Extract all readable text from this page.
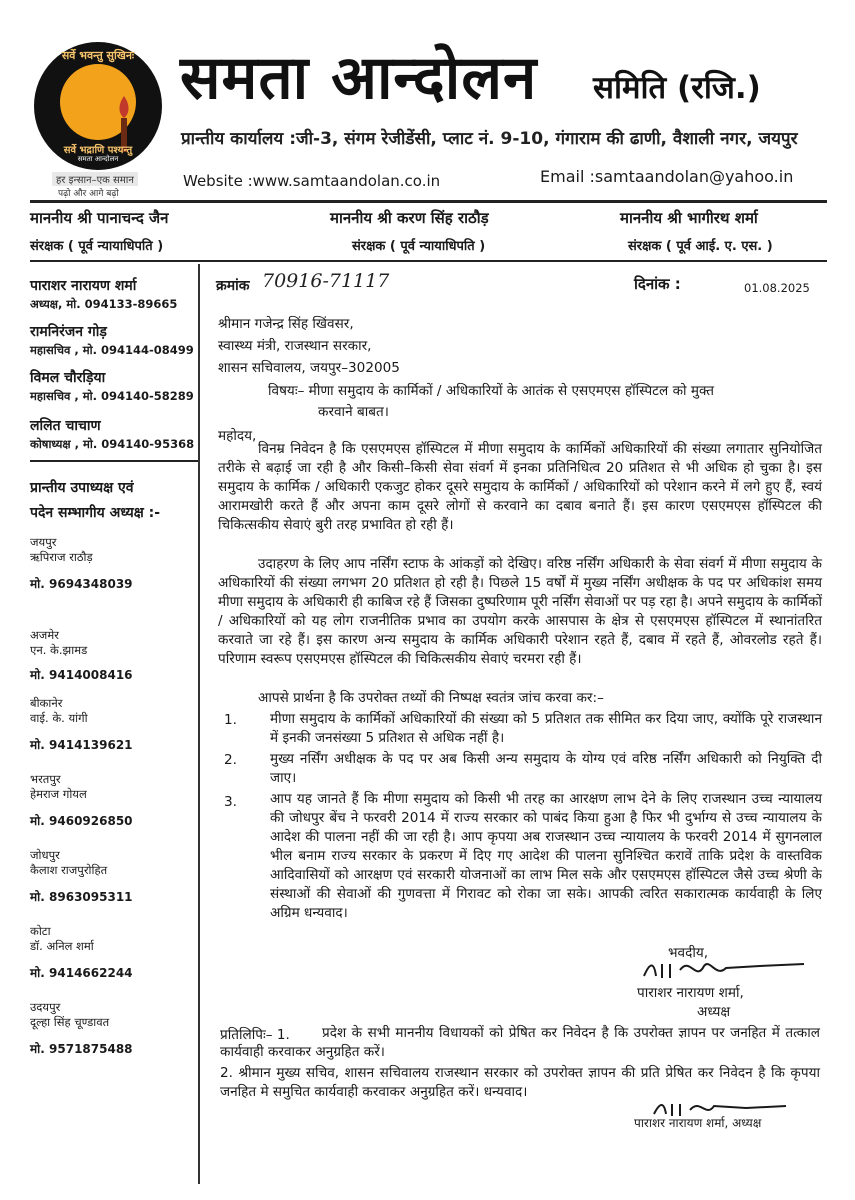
सर्वे भवन्तु सुखिनः
सर्वे भद्राणि पश्यन्तु
समता आन्दोलन
हर इन्सान–एक समान
पढ़ो और आगे बढ़ो
समता आन्दोलन समिति (रजि.)
प्रान्तीय कार्यालय :जी-3, संगम रेजीडेंसी, प्लाट नं. 9-10, गंगाराम की ढाणी, वैशाली नगर, जयपुर
Website :www.samtaandolan.co.in	Email :samtaandolan@yahoo.in
माननीय श्री पानाचन्द जैन
संरक्षक ( पूर्व न्यायाधिपति )
माननीय श्री करण सिंह राठौड़
संरक्षक ( पूर्व न्यायाधिपति )
माननीय श्री भागीरथ शर्मा
संरक्षक ( पूर्व आई. ए. एस. )
पाराशर नारायण शर्मा
अध्यक्ष, मो. 094133-89665
रामनिरंजन गोड़
महासचिव , मो. 094144-08499
विमल चौरड़िया
महासचिव , मो. 094140-58289
ललित चाचाण
कोषाध्यक्ष , मो. 094140-95368
प्रान्तीय उपाध्यक्ष एवं
पदेन सम्भागीय अध्यक्ष :-
जयपुर
ऋपिराज राठौड़
मो. 9694348039
अजमेर
एन. के.झामड
मो. 9414008416
बीकानेर
वाई. के. यांगी
मो. 9414139621
भरतपुर
हेमराज गोयल
मो. 9460926850
जोधपुर
कैलाश राजपुरोहित
मो. 8963095311
कोटा
डॉ. अनिल शर्मा
मो. 9414662244
उदयपुर
दूल्हा सिंह चूण्डावत
मो. 9571875488
क्रमांक 70916-71117	दिनांक :	01.08.2025
श्रीमान गजेन्द्र सिंह खिंवसर,
स्वास्थ्य मंत्री, राजस्थान सरकार,
शासन सचिवालय, जयपुर–302005
विषयः– मीणा समुदाय के कार्मिकों / अधिकारियों के आतंक से एसएमएस हॉस्पिटल को मुक्त
करवाने बाबत।
महोदय,
विनम्र निवेदन है कि एसएमएस हॉस्पिटल में मीणा समुदाय के कार्मिकों अधिकारियों की संख्या लगातार सुनियोजित तरीके से बढ़ाई जा रही है और किसी–किसी सेवा संवर्ग में इनका प्रतिनिधित्व 20 प्रतिशत से भी अधिक हो चुका है। इस समुदाय के कार्मिक / अधिकारी एकजुट होकर दूसरे समुदाय के कार्मिकों / अधिकारियों को परेशान करने में लगे हुए हैं, स्वयं आरामखोरी करते हैं और अपना काम दूसरे लोगों से करवाने का दबाव बनाते हैं। इस कारण एसएमएस हॉस्पिटल की चिकित्सकीय सेवाएं बुरी तरह प्रभावित हो रही हैं।
उदाहरण के लिए आप नर्सिंग स्टाफ के आंकड़ों को देखिए। वरिष्ठ नर्सिंग अधिकारी के सेवा संवर्ग में मीणा समुदाय के अधिकारियों की संख्या लगभग 20 प्रतिशत हो रही है। पिछले 15 वर्षों में मुख्य नर्सिंग अधीक्षक के पद पर अधिकांश समय मीणा समुदाय के अधिकारी ही काबिज रहे हैं जिसका दुष्परिणाम पूरी नर्सिंग सेवाओं पर पड़ रहा है। अपने समुदाय के कार्मिकों / अधिकारियों को यह लोग राजनीतिक प्रभाव का उपयोग करके आसपास के क्षेत्र से एसएमएस हॉस्पिटल में स्थानांतरित करवाते जा रहे हैं। इस कारण अन्य समुदाय के कार्मिक अधिकारी परेशान रहते हैं, दबाव में रहते हैं, ओवरलोड रहते हैं। परिणाम स्वरूप एसएमएस हॉस्पिटल की चिकित्सकीय सेवाएं चरमरा रही हैं।
आपसे प्रार्थना है कि उपरोक्त तथ्यों की निष्पक्ष स्वतंत्र जांच करवा कर:–
1. मीणा समुदाय के कार्मिकों अधिकारियों की संख्या को 5 प्रतिशत तक सीमित कर दिया जाए, क्योंकि पूरे राजस्थान में इनकी जनसंख्या 5 प्रतिशत से अधिक नहीं है।
2. मुख्य नर्सिंग अधीक्षक के पद पर अब किसी अन्य समुदाय के योग्य एवं वरिष्ठ नर्सिंग अधिकारी को नियुक्ति दी जाए।
3. आप यह जानते हैं कि मीणा समुदाय को किसी भी तरह का आरक्षण लाभ देने के लिए राजस्थान उच्च न्यायालय की जोधपुर बेंच ने फरवरी 2014 में राज्य सरकार को पाबंद किया हुआ है फिर भी दुर्भाग्य से उच्च न्यायालय के आदेश की पालना नहीं की जा रही है। आप कृपया अब राजस्थान उच्च न्यायालय के फरवरी 2014 में सुगनलाल भील बनाम राज्य सरकार के प्रकरण में दिए गए आदेश की पालना सुनिश्चित करावें ताकि प्रदेश के वास्तविक आदिवासियों को आरक्षण एवं सरकारी योजनाओं का लाभ मिल सके और एसएमएस हॉस्पिटल जैसे उच्च श्रेणी के संस्थाओं की सेवाओं की गुणवत्ता में गिरावट को रोका जा सके। आपकी त्वरित सकारात्मक कार्यवाही के लिए अग्रिम धन्यवाद।
भवदीय,
पाराशर नारायण शर्मा,
अध्यक्ष
प्रतिलिपिः– 1.	प्रदेश के सभी माननीय विधायकों को प्रेषित कर निवेदन है कि उपरोक्त ज्ञापन पर जनहित में तत्काल कार्यवाही करवाकर अनुग्रहित करें।
2. श्रीमान मुख्य सचिव, शासन सचिवालय राजस्थान सरकार को उपरोक्त ज्ञापन की प्रति प्रेषित कर निवेदन है कि कृपया जनहित मे समुचित कार्यवाही करवाकर अनुग्रहित करें। धन्यवाद।
पाराशर नारायण शर्मा, अध्यक्ष
